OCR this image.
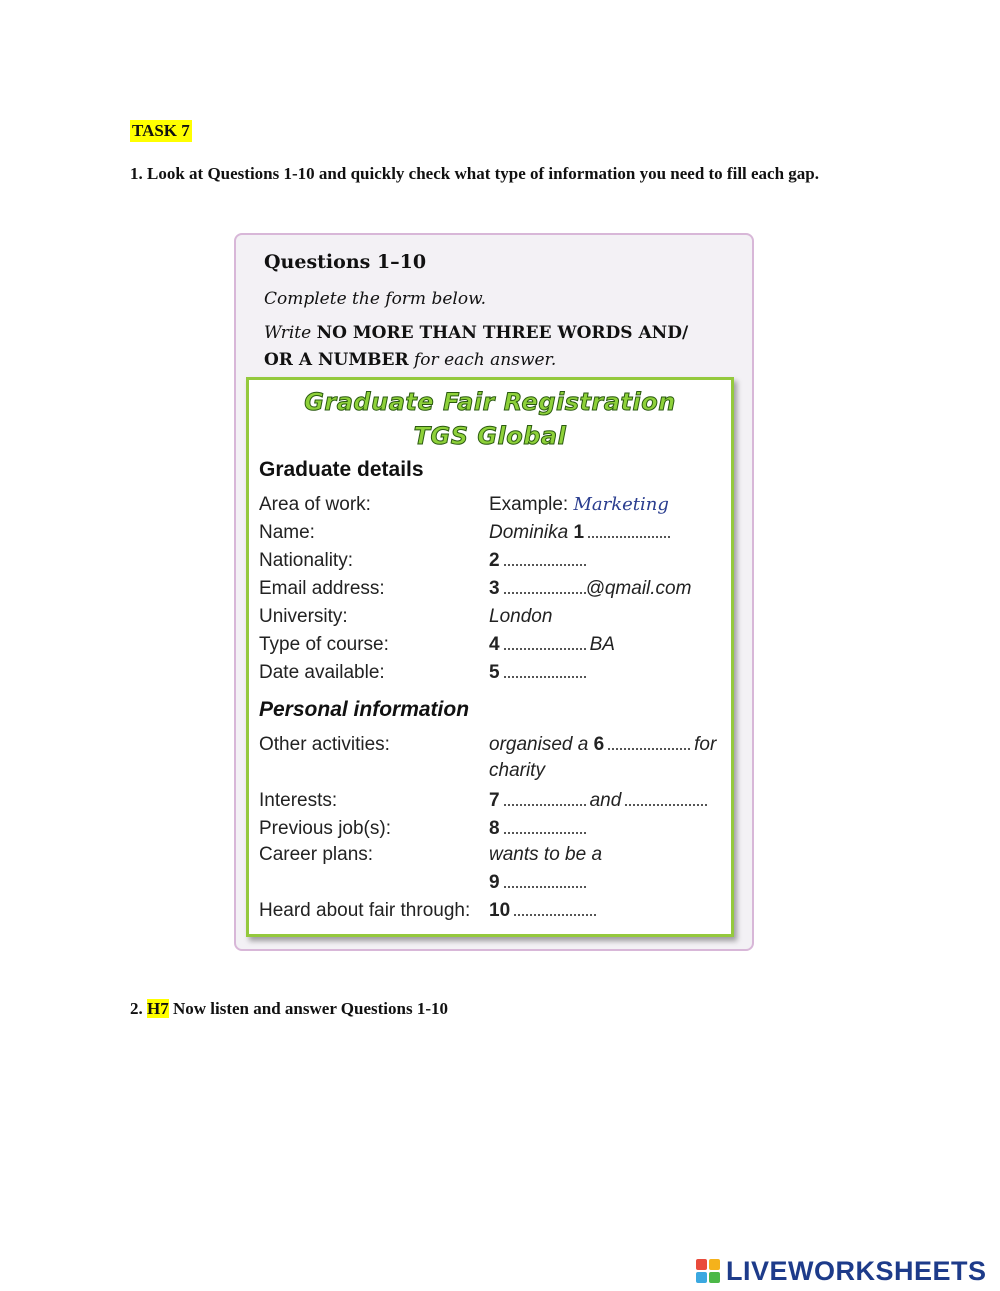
TASK 7
1. Look at Questions 1-10 and quickly check what type of information you need to fill each gap.
Questions 1–10
Complete the form below.
Write NO MORE THAN THREE WORDS AND/
OR A NUMBER for each answer.
Graduate Fair Registration
TGS Global
Graduate details
Area of work:	Example: Marketing
Name:	Dominika 1
Nationality:	2
Email address:	3	@qmail.com
University:	London
Type of course:	4	BA
Date available:	5
Personal information
Other activities:	organised a 6	for
charity
Interests:	7	and
Previous job(s):	8
Career plans:	wants to be a
9
Heard about fair through: 10
2. H7 Now listen and answer Questions 1-10
LIVEWORKSHEETS
